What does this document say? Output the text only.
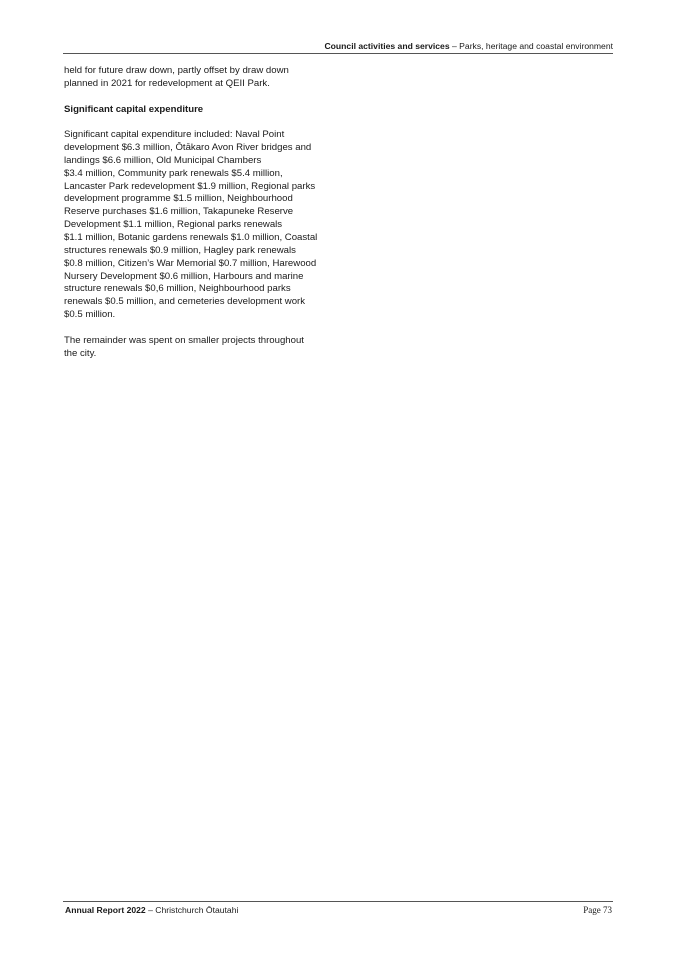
Council activities and services – Parks, heritage and coastal environment

held for future draw down, partly offset by draw down
planned in 2021 for redevelopment at QEII Park.

Significant capital expenditure

Significant capital expenditure included: Naval Point
development $6.3 million, Ōtākaro Avon River bridges and
landings $6.6 million, Old Municipal Chambers
$3.4 million, Community park renewals $5.4 million,
Lancaster Park redevelopment $1.9 million, Regional parks
development programme $1.5 million, Neighbourhood
Reserve purchases $1.6 million, Takapuneke Reserve
Development $1.1 million, Regional parks renewals
$1.1 million, Botanic gardens renewals $1.0 million, Coastal
structures renewals $0.9 million, Hagley park renewals
$0.8 million, Citizen’s War Memorial $0.7 million, Harewood
Nursery Development $0.6 million, Harbours and marine
structure renewals $0,6 million, Neighbourhood parks
renewals $0.5 million, and cemeteries development work
$0.5 million.

The remainder was spent on smaller projects throughout
the city.

Annual Report 2022 – Christchurch Ōtautahi	Page 73
